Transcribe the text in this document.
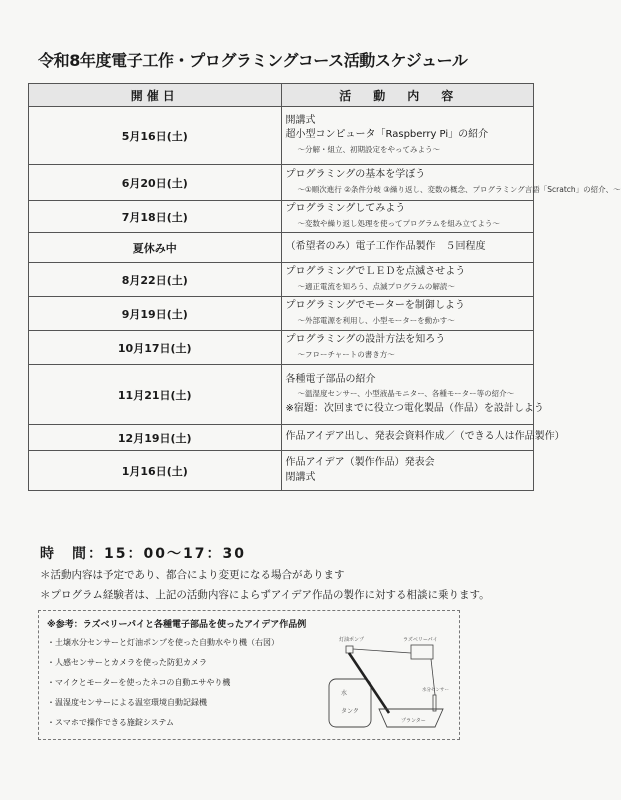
令和8年度電子工作・プログラミングコース活動スケジュール
開催日	活動内容
5月16日(土)	開講式
超小型コンピュータ「Raspberry Pi」の紹介
～分解・組立、初期設定をやってみよう～

6月20日(土)	プログラミングの基本を学ぼう
～①順次進行 ②条件分岐 ③繰り返し、変数の概念、プログラミング言語「Scratch」の紹介、～

7月18日(土)	プログラミングしてみよう
～変数や繰り返し処理を使ってプログラムを組み立てよう～

夏休み中	（希望者のみ）電子工作作品製作　５回程度

8月22日(土)	プログラミングでＬＥＤを点滅させよう
～適正電流を知ろう、点滅プログラムの解読～

9月19日(土)	プログラミングでモーターを制御しよう
～外部電源を利用し、小型モーターを動かす～

10月17日(土)	プログラミングの設計方法を知ろう
～フローチャートの書き方～

11月21日(土)	各種電子部品の紹介
～温湿度センサー、小型液晶モニター、各種モーター等の紹介～
※宿題：次回までに役立つ電化製品（作品）を設計しよう

12月19日(土)	作品アイデア出し、発表会資料作成／（できる人は作品製作）

1月16日(土)	作品アイデア（製作作品）発表会
閉講式
時　間：15：00～17：30
＊活動内容は予定であり、都合により変更になる場合があります
＊プログラム経験者は、上記の活動内容によらずアイデア作品の製作に対する相談に乗ります。
※参考：ラズベリーパイと各種電子部品を使ったアイデア作品例
・ 土壌水分センサーと灯油ポンプを使った自動水やり機（右図）
・ 人感センサーとカメラを使った防犯カメラ
・ マイクとモーターを使ったネコの自動エサやり機
・ 温湿度センサーによる温室環境自動記録機
・ スマホで操作できる施錠システム
灯油ポンプ	ラズベリーパイ
水
タンク
プランター
水分センサー
